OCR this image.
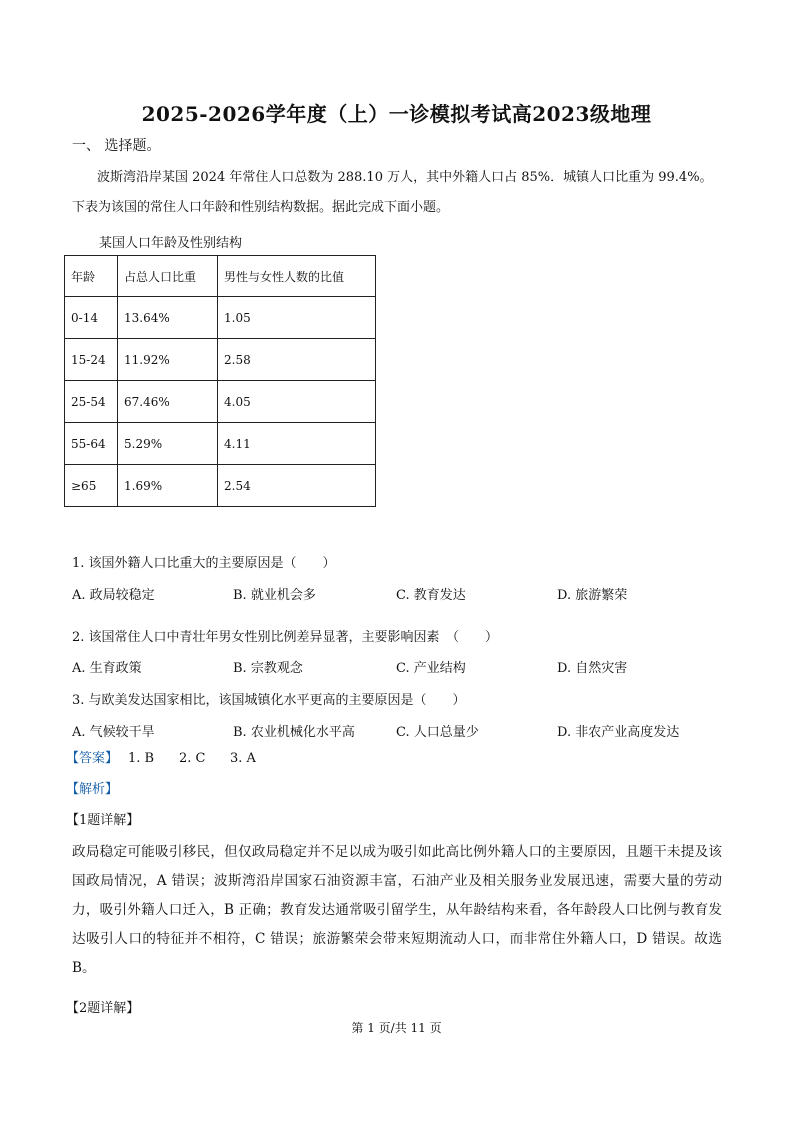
2025-2026学年度（上）一诊模拟考试高2023级地理
一、 选择题。
波斯湾沿岸某国 2024 年常住人口总数为 288.10 万人，其中外籍人口占 85%．城镇人口比重为 99.4%。
下表为该国的常住人口年龄和性别结构数据。据此完成下面小题。
某国人口年龄及性别结构
年龄	占总人口比重	男性与女性人数的比值
0-14	13.64%	1.05
15-24	11.92%	2.58
25-54	67.46%	4.05
55-64	5.29%	4.11
≥65	1.69%	2.54
1. 该国外籍人口比重大的主要原因是（　　）
A. 政局较稳定	B. 就业机会多	C. 教育发达	D. 旅游繁荣
2. 该国常住人口中青壮年男女性别比例差异显著，主要影响因素　（　　）
A. 生育政策	B. 宗教观念	C. 产业结构	D. 自然灾害
3. 与欧美发达国家相比，该国城镇化水平更高的主要原因是（　　）
A. 气候较干旱	B. 农业机械化水平高	C. 人口总量少	D. 非农产业高度发达
【答案】 1. B 2. C 3. A
【解析】
【1题详解】
政局稳定可能吸引移民，但仅政局稳定并不足以成为吸引如此高比例外籍人口的主要原因，且题干未提及该国政局情况，A 错误；波斯湾沿岸国家石油资源丰富，石油产业及相关服务业发展迅速，需要大量的劳动力，吸引外籍人口迁入，B 正确；教育发达通常吸引留学生，从年龄结构来看，各年龄段人口比例与教育发达吸引人口的特征并不相符，C 错误；旅游繁荣会带来短期流动人口，而非常住外籍人口，D 错误。故选 B。
【2题详解】
第 1 页/共 11 页
